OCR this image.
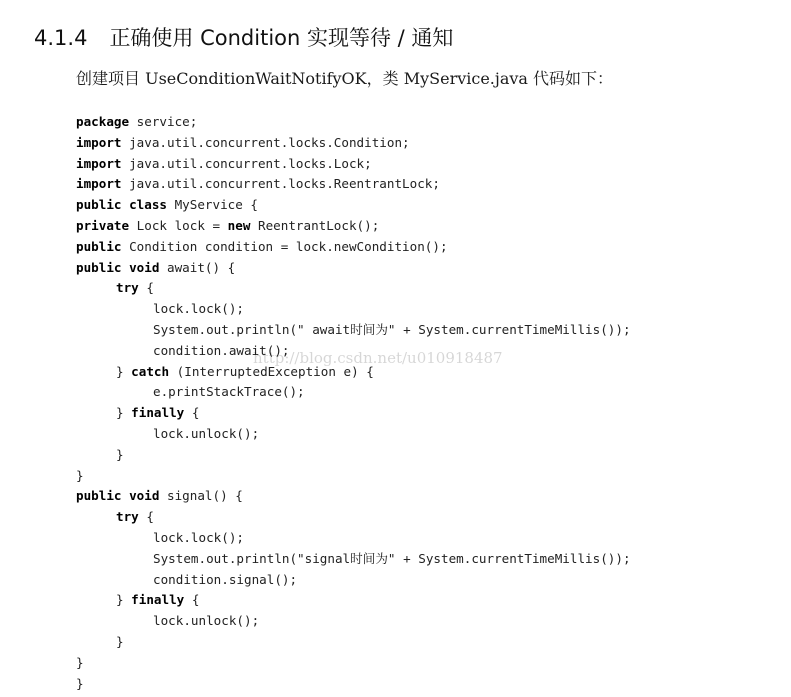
4.1.4 正确使用 Condition 实现等待 / 通知
创建项目 UseConditionWaitNotifyOK，类 MyService.java 代码如下：
package service;
import java.util.concurrent.locks.Condition;
import java.util.concurrent.locks.Lock;
import java.util.concurrent.locks.ReentrantLock;
public class MyService {
private Lock lock = new ReentrantLock();
public Condition condition = lock.newCondition();
public void await() {
try {
lock.lock();
System.out.println(" await时间为" + System.currentTimeMillis());
condition.await();
} catch (InterruptedException e) {
e.printStackTrace();
} finally {
lock.unlock();
}
}
public void signal() {
try {
lock.lock();
System.out.println("signal时间为" + System.currentTimeMillis());
condition.signal();
} finally {
lock.unlock();
}
}
}
http://blog.csdn.net/u010918487
